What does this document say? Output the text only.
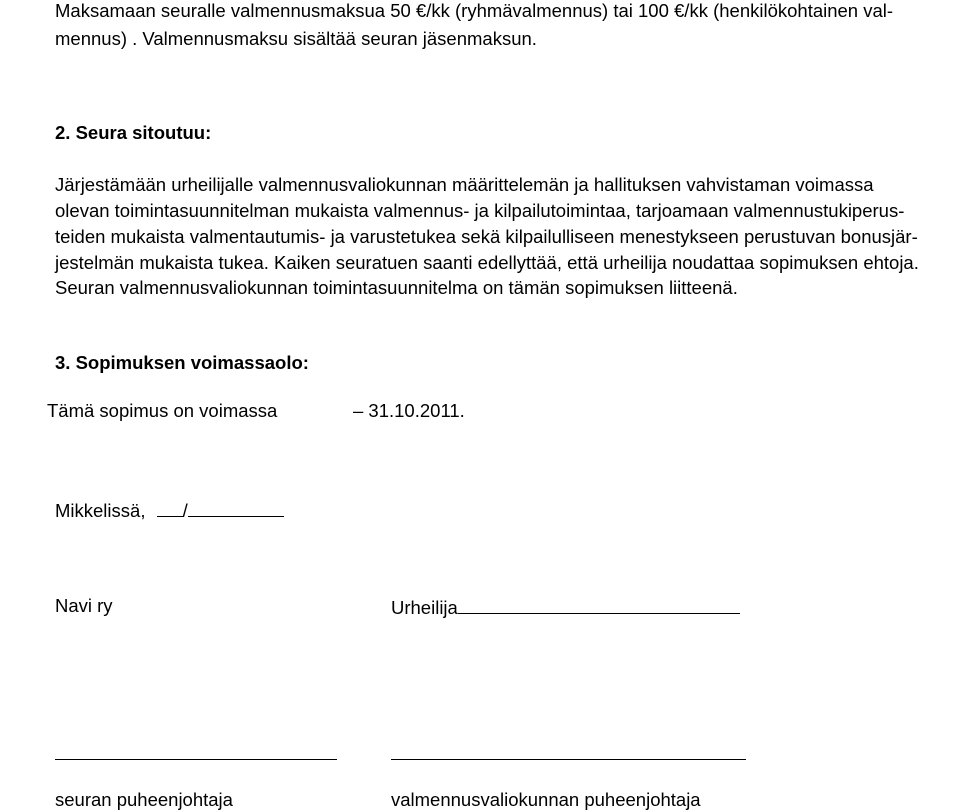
Maksamaan seuralle valmennusmaksua 50 €/kk (ryhmävalmennus) tai 100 €/kk (henkilökohtainen val-
mennus) . Valmennusmaksu sisältää seuran jäsenmaksun.
2. Seura sitoutuu:
Järjestämään urheilijalle valmennusvaliokunnan määrittelemän ja hallituksen vahvistaman voimassa
olevan toimintasuunnitelman mukaista valmennus- ja kilpailutoimintaa, tarjoamaan valmennustukiperus-
teiden mukaista valmentautumis- ja varustetukea sekä kilpailulliseen menestykseen perustuvan bonusjär-
jestelmän mukaista tukea. Kaiken seuratuen saanti edellyttää, että urheilija noudattaa sopimuksen ehtoja.
Seuran valmennusvaliokunnan toimintasuunnitelma on tämän sopimuksen liitteenä.
3. Sopimuksen voimassaolo:
Tämä sopimus on voimassa	– 31.10.2011.
Mikkelissä, /
Navi ry	Urheilija
seuran puheenjohtaja	valmennusvaliokunnan puheenjohtaja
